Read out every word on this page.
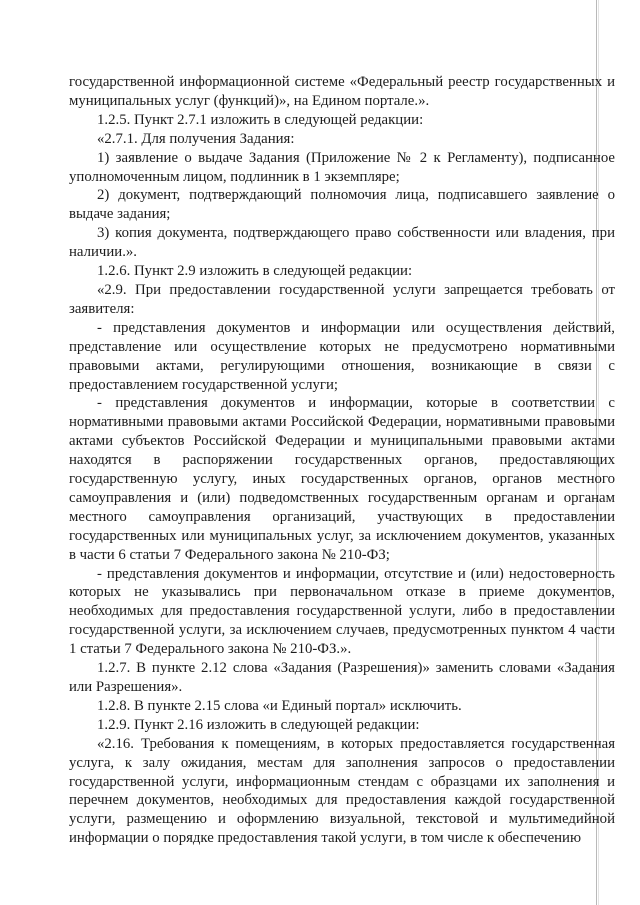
государственной информационной системе «Федеральный реестр государственных и муниципальных услуг (функций)», на Едином портале.».

1.2.5. Пункт 2.7.1 изложить в следующей редакции:

«2.7.1. Для получения Задания:

1) заявление о выдаче Задания (Приложение № 2 к Регламенту), подписанное уполномоченным лицом, подлинник в 1 экземпляре;

2) документ, подтверждающий полномочия лица, подписавшего заявление о выдаче задания;

3) копия документа, подтверждающего право собственности или владения, при наличии.».

1.2.6. Пункт 2.9 изложить в следующей редакции:

«2.9. При предоставлении государственной услуги запрещается требовать от заявителя:

- представления документов и информации или осуществления действий, представление или осуществление которых не предусмотрено нормативными правовыми актами, регулирующими отношения, возникающие в связи с предоставлением государственной услуги;

- представления документов и информации, которые в соответствии с нормативными правовыми актами Российской Федерации, нормативными правовыми актами субъектов Российской Федерации и муниципальными правовыми актами находятся в распоряжении государственных органов, предоставляющих государственную услугу, иных государственных органов, органов местного самоуправления и (или) подведомственных государственным органам и органам местного самоуправления организаций, участвующих в предоставлении государственных или муниципальных услуг, за исключением документов, указанных в части 6 статьи 7 Федерального закона № 210-ФЗ;

- представления документов и информации, отсутствие и (или) недостоверность которых не указывались при первоначальном отказе в приеме документов, необходимых для предоставления государственной услуги, либо в предоставлении государственной услуги, за исключением случаев, предусмотренных пунктом 4 части 1 статьи 7 Федерального закона № 210-ФЗ.».

1.2.7. В пункте 2.12 слова «Задания (Разрешения)» заменить словами «Задания или Разрешения».

1.2.8. В пункте 2.15 слова «и Единый портал» исключить.

1.2.9. Пункт 2.16 изложить в следующей редакции:

«2.16. Требования к помещениям, в которых предоставляется государственная услуга, к залу ожидания, местам для заполнения запросов о предоставлении государственной услуги, информационным стендам с образцами их заполнения и перечнем документов, необходимых для предоставления каждой государственной услуги, размещению и оформлению визуальной, текстовой и мультимедийной информации о порядке предоставления такой услуги, в том числе к обеспечению
